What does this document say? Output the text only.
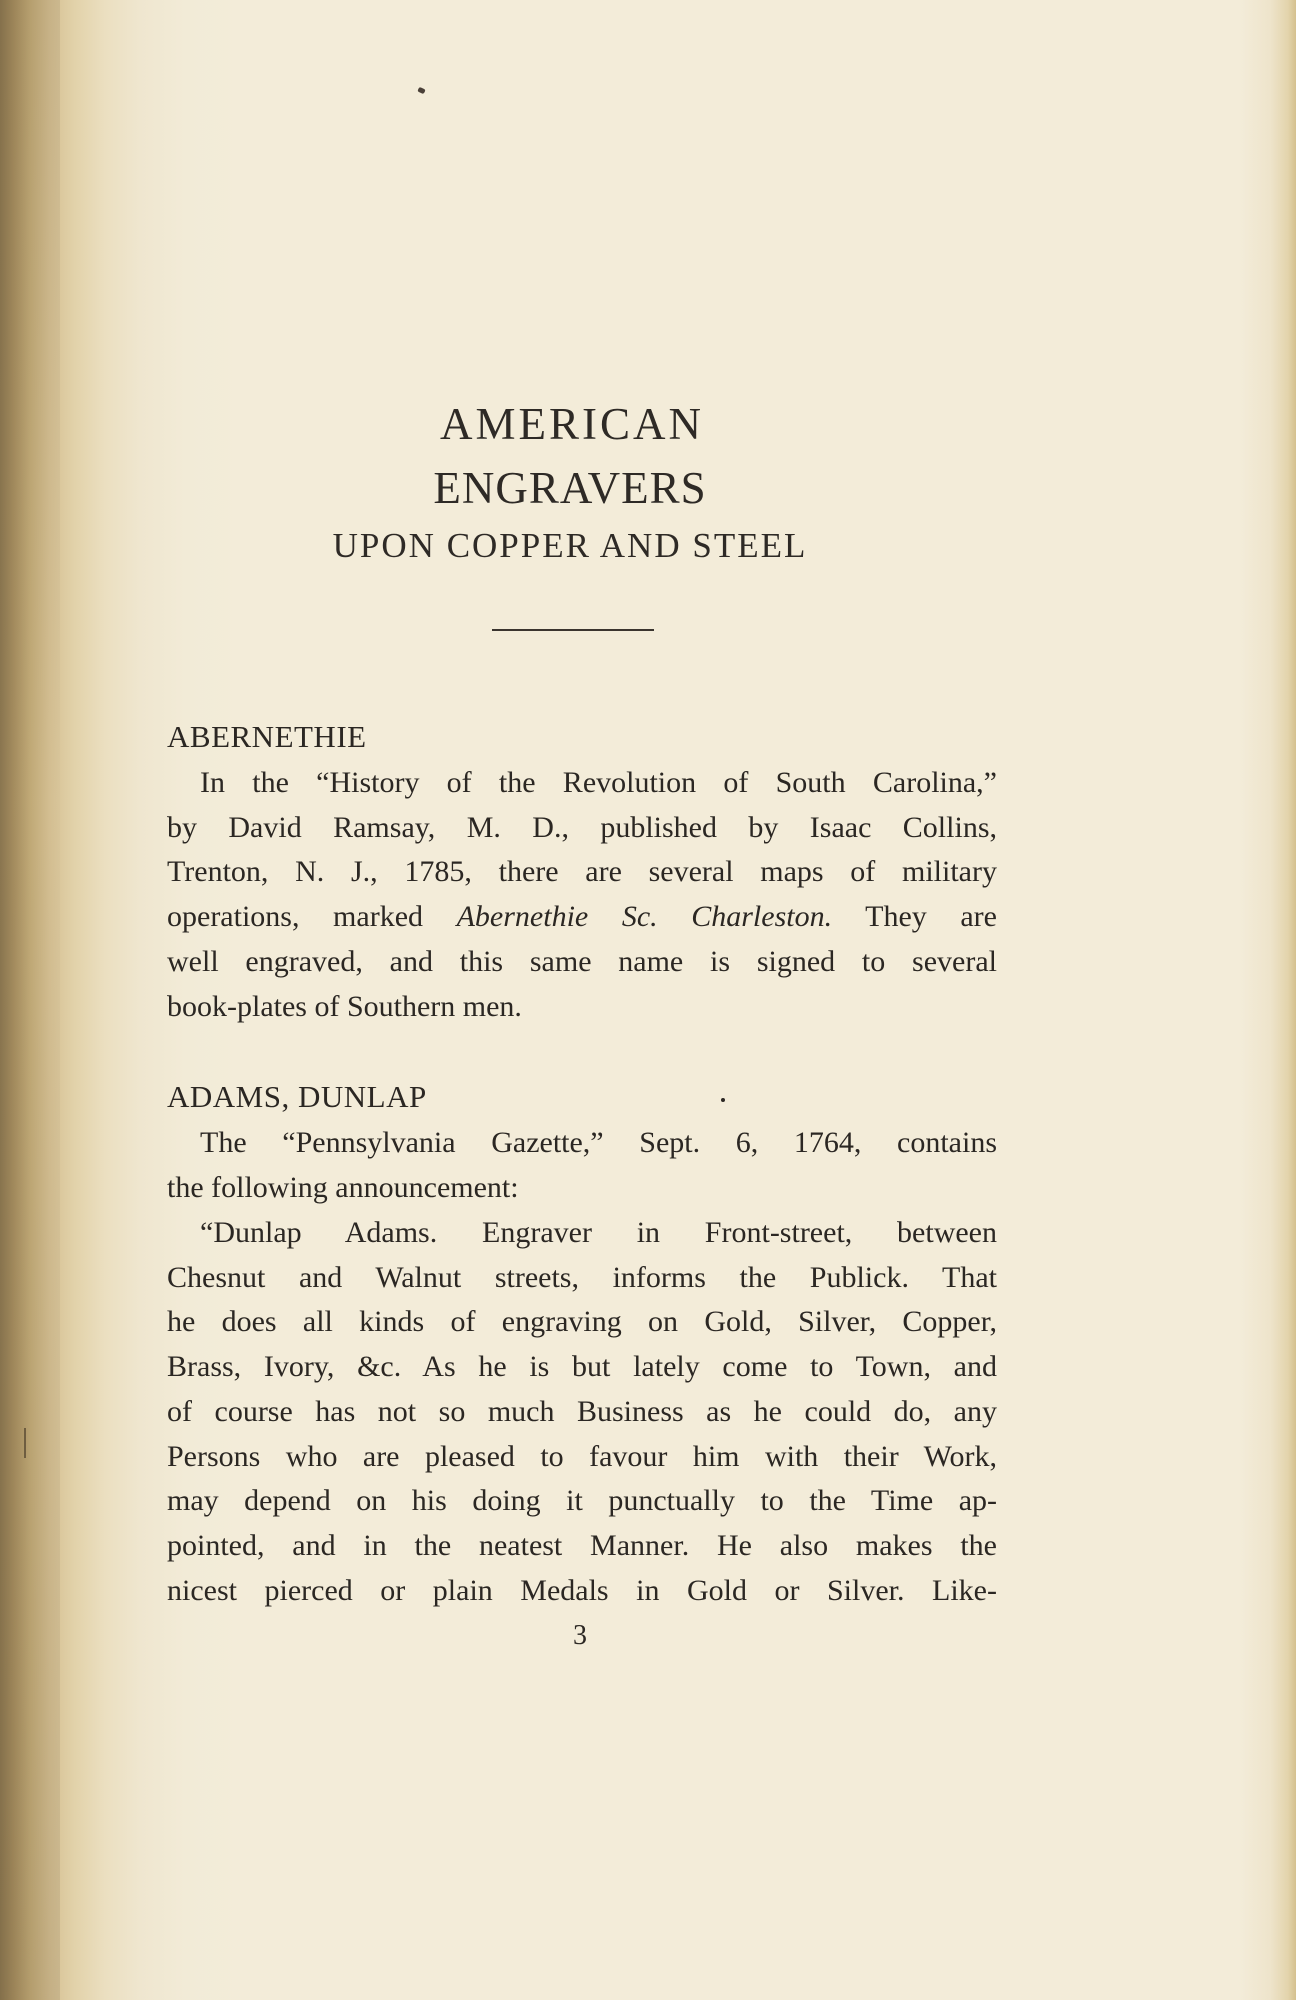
AMERICAN
ENGRAVERS
UPON COPPER AND STEEL
ABERNETHIE
In the “History of the Revolution of South Carolina,”
by David Ramsay, M. D., published by Isaac Collins,
Trenton, N. J., 1785, there are several maps of military
operations, marked Abernethie Sc. Charleston. They are
well engraved, and this same name is signed to several
book-plates of Southern men.
ADAMS, DUNLAP
The “Pennsylvania Gazette,” Sept. 6, 1764, contains
the following announcement:
“Dunlap Adams. Engraver in Front-street, between
Chesnut and Walnut streets, informs the Publick. That
he does all kinds of engraving on Gold, Silver, Copper,
Brass, Ivory, &c. As he is but lately come to Town, and
of course has not so much Business as he could do, any
Persons who are pleased to favour him with their Work,
may depend on his doing it punctually to the Time ap-
pointed, and in the neatest Manner. He also makes the
nicest pierced or plain Medals in Gold or Silver. Like-
3
